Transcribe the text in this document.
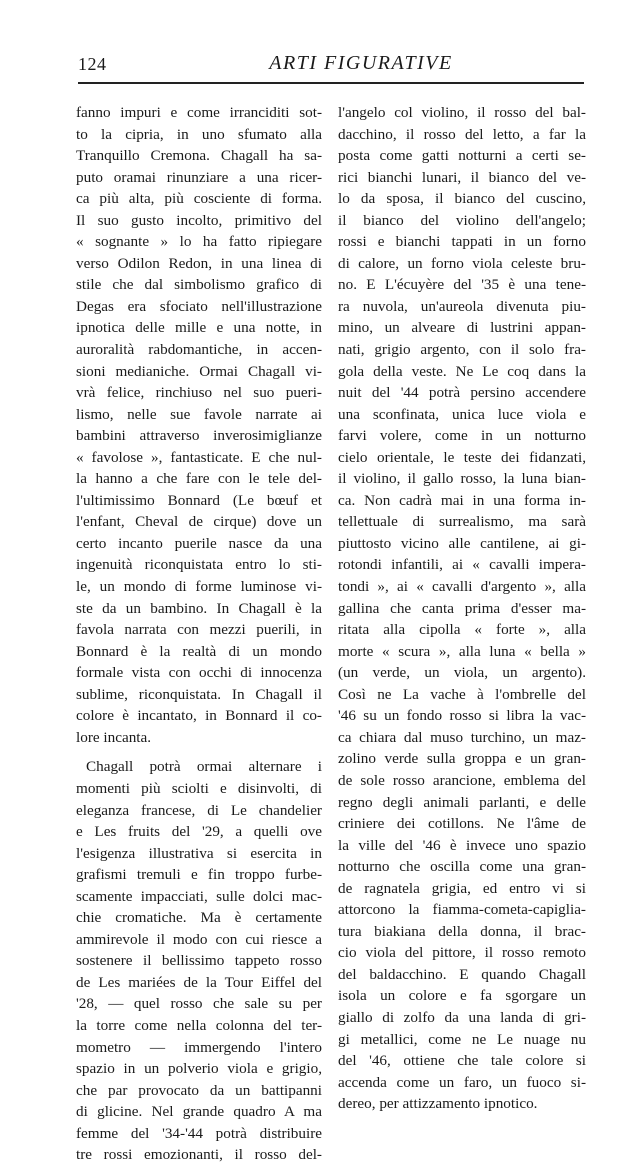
124	ARTI FIGURATIVE
fanno impuri e come irranciditi sot-
to la cipria, in uno sfumato alla
Tranquillo Cremona. Chagall ha sa-
puto oramai rinunziare a una ricer-
ca più alta, più cosciente di forma.
Il suo gusto incolto, primitivo del
« sognante » lo ha fatto ripiegare
verso Odilon Redon, in una linea di
stile che dal simbolismo grafico di
Degas era sfociato nell'illustrazione
ipnotica delle mille e una notte, in
auroralità rabdomantiche, in accen-
sioni medianiche. Ormai Chagall vi-
vrà felice, rinchiuso nel suo pueri-
lismo, nelle sue favole narrate ai
bambini attraverso inverosimiglianze
« favolose », fantasticate. E che nul-
la hanno a che fare con le tele del-
l'ultimissimo Bonnard (Le bœuf et
l'enfant, Cheval de cirque) dove un
certo incanto puerile nasce da una
ingenuità riconquistata entro lo sti-
le, un mondo di forme luminose vi-
ste da un bambino. In Chagall è la
favola narrata con mezzi puerili, in
Bonnard è la realtà di un mondo
formale vista con occhi di innocenza
sublime, riconquistata. In Chagall il
colore è incantato, in Bonnard il co-
lore incanta.
Chagall potrà ormai alternare i
momenti più sciolti e disinvolti, di
eleganza francese, di Le chandelier
e Les fruits del '29, a quelli ove
l'esigenza illustrativa si esercita in
grafismi tremuli e fin troppo furbe-
scamente impacciati, sulle dolci mac-
chie cromatiche. Ma è certamente
ammirevole il modo con cui riesce a
sostenere il bellissimo tappeto rosso
de Les mariées de la Tour Eiffel del
'28, — quel rosso che sale su per
la torre come nella colonna del ter-
mometro — immergendo l'intero
spazio in un polverio viola e grigio,
che par provocato da un battipanni
di glicine. Nel grande quadro A ma
femme del '34-'44 potrà distribuire
tre rossi emozionanti, il rosso del-
l'angelo col violino, il rosso del bal-
dacchino, il rosso del letto, a far la
posta come gatti notturni a certi se-
rici bianchi lunari, il bianco del ve-
lo da sposa, il bianco del cuscino,
il bianco del violino dell'angelo;
rossi e bianchi tappati in un forno
di calore, un forno viola celeste bru-
no. E L'écuyère del '35 è una tene-
ra nuvola, un'aureola divenuta piu-
mino, un alveare di lustrini appan-
nati, grigio argento, con il solo fra-
gola della veste. Ne Le coq dans la
nuit del '44 potrà persino accendere
una sconfinata, unica luce viola e
farvi volere, come in un notturno
cielo orientale, le teste dei fidanzati,
il violino, il gallo rosso, la luna bian-
ca. Non cadrà mai in una forma in-
tellettuale di surrealismo, ma sarà
piuttosto vicino alle cantilene, ai gi-
rotondi infantili, ai « cavalli impera-
tondi », ai « cavalli d'argento », alla
gallina che canta prima d'esser ma-
ritata alla cipolla « forte », alla
morte « scura », alla luna « bella »
(un verde, un viola, un argento).
Così ne La vache à l'ombrelle del
'46 su un fondo rosso si libra la vac-
ca chiara dal muso turchino, un maz-
zolino verde sulla groppa e un gran-
de sole rosso arancione, emblema del
regno degli animali parlanti, e delle
criniere dei cotillons. Ne l'âme de
la ville del '46 è invece uno spazio
notturno che oscilla come una gran-
de ragnatela grigia, ed entro vi si
attorcono la fiamma-cometa-capiglia-
tura biakiana della donna, il brac-
cio viola del pittore, il rosso remoto
del baldacchino. E quando Chagall
isola un colore e fa sgorgare un
giallo di zolfo da una landa di gri-
gi metallici, come ne Le nuage nu
del '46, ottiene che tale colore si
accenda come un faro, un fuoco si-
dereo, per attizzamento ipnotico.
